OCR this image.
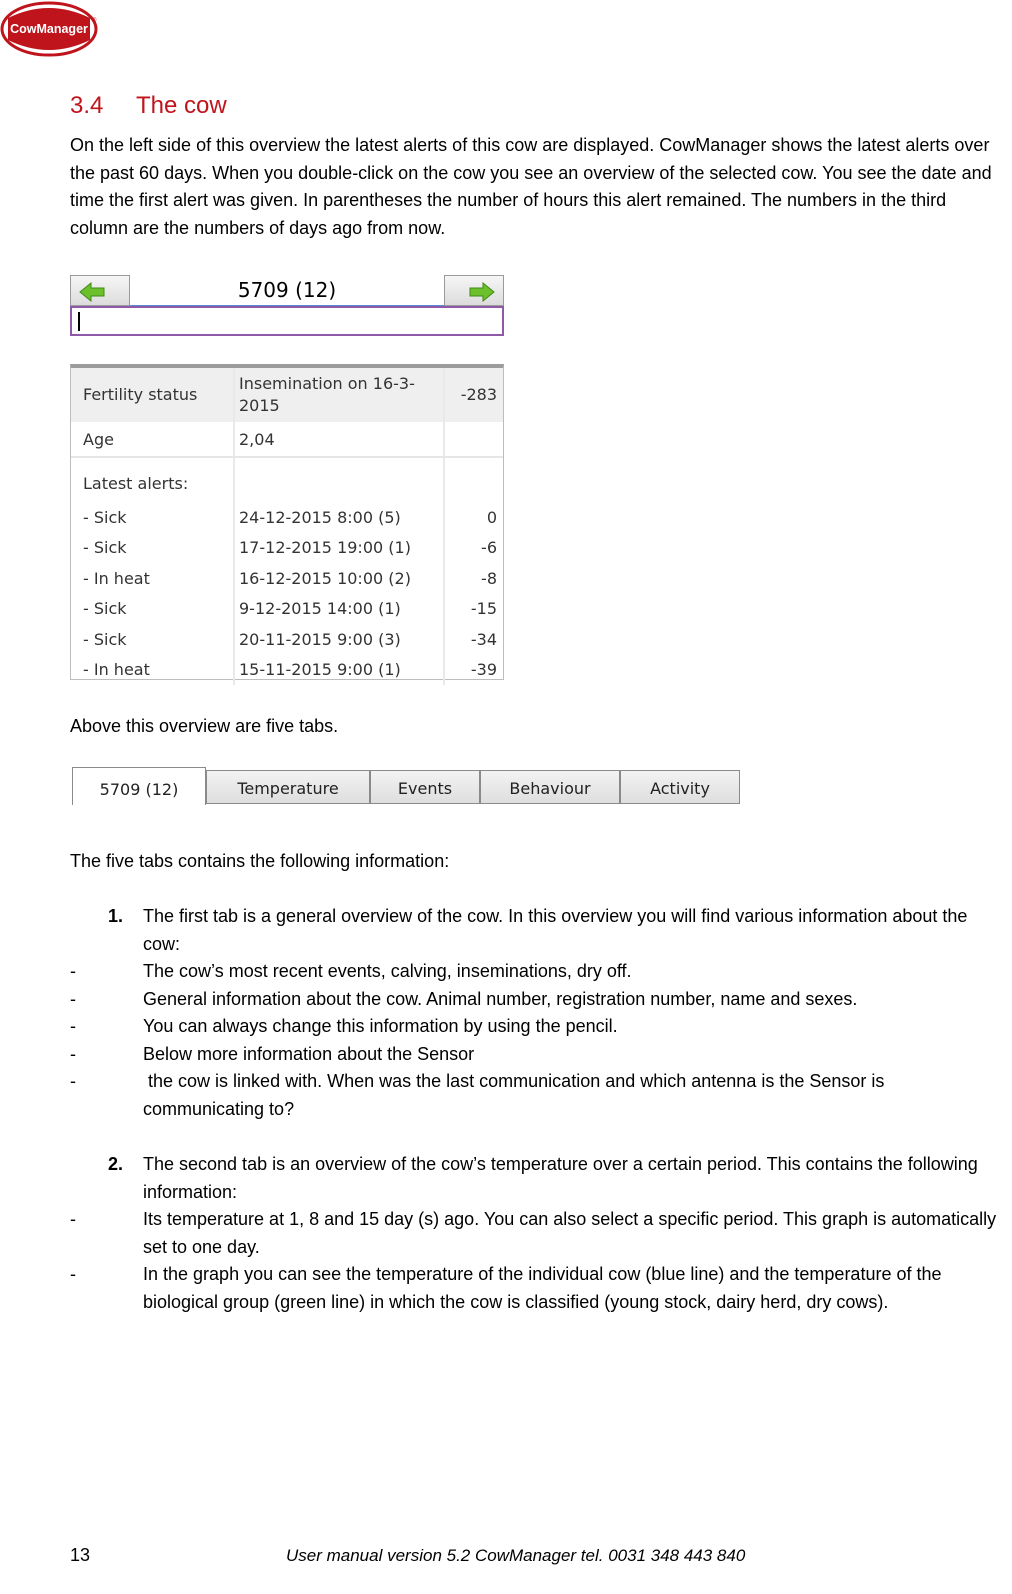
CowManager
®
3.4 The cow

On the left side of this overview the latest alerts of this cow are displayed. CowManager shows the latest alerts over the past 60 days. When you double-click on the cow you see an overview of the selected cow. You see the date and time the first alert was given. In parentheses the number of hours this alert remained. The numbers in the third column are the numbers of days ago from now.

5709 (12)
Fertility status	Insemination on 16-3-2015	-283
Age	2,04	
Latest alerts:		
- Sick	24-12-2015 8:00 (5)	0
- Sick	17-12-2015 19:00 (1)	-6
- In heat	16-12-2015 10:00 (2)	-8
- Sick	9-12-2015 14:00 (1)	-15
- Sick	20-11-2015 9:00 (3)	-34
- In heat	15-11-2015 9:00 (1)	-39

Above this overview are five tabs.

5709 (12)	Temperature	Events	Behaviour	Activity

The five tabs contains the following information:

1.	The first tab is a general overview of the cow. In this overview you will find various information about the cow:
-	The cow’s most recent events, calving, inseminations, dry off.
-	General information about the cow. Animal number, registration number, name and sexes.
-	You can always change this information by using the pencil.
-	Below more information about the Sensor
-	the cow is linked with. When was the last communication and which antenna is the Sensor is communicating to?
2.	The second tab is an overview of the cow’s temperature over a certain period. This contains the following information:
-	Its temperature at 1, 8 and 15 day (s) ago. You can also select a specific period. This graph is automatically set to one day.
-	In the graph you can see the temperature of the individual cow (blue line) and the temperature of the biological group (green line) in which the cow is classified (young stock, dairy herd, dry cows).
13	User manual version 5.2 CowManager tel. 0031 348 443 840
